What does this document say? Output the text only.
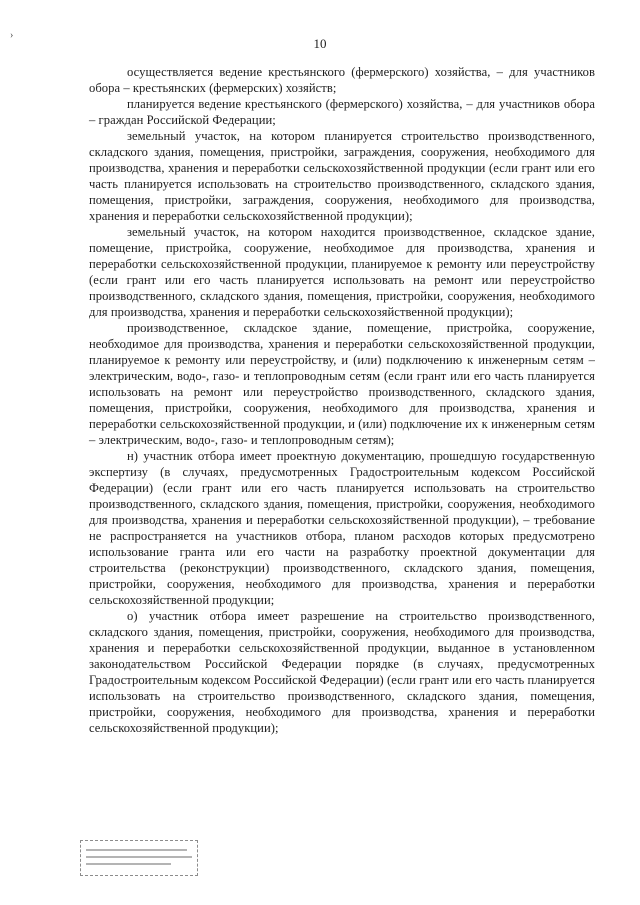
›
10

осуществляется ведение крестьянского (фермерского) хозяйства, – для участников обора – крестьянских (фермерских) хозяйств;

планируется ведение крестьянского (фермерского) хозяйства, – для участников обора – граждан Российской Федерации;

земельный участок, на котором планируется строительство производственного, складского здания, помещения, пристройки, заграждения, сооружения, необходимого для производства, хранения и переработки сельскохозяйственной продукции (если грант или его часть планируется использовать на строительство производственного, складского здания, помещения, пристройки, заграждения, сооружения, необходимого для производства, хранения и переработки сельскохозяйственной продукции);

земельный участок, на котором находится производственное, складское здание, помещение, пристройка, сооружение, необходимое для производства, хранения и переработки сельскохозяйственной продукции, планируемое к ремонту или переустройству (если грант или его часть планируется использовать на ремонт или переустройство производственного, складского здания, помещения, пристройки, сооружения, необходимого для производства, хранения и переработки сельскохозяйственной продукции);

производственное, складское здание, помещение, пристройка, сооружение, необходимое для производства, хранения и переработки сельскохозяйственной продукции, планируемое к ремонту или переустройству, и (или) подключению к инженерным сетям – электрическим, водо-, газо- и теплопроводным сетям (если грант или его часть планируется использовать на ремонт или переустройство производственного, складского здания, помещения, пристройки, сооружения, необходимого для производства, хранения и переработки сельскохозяйственной продукции, и (или) подключение их к инженерным сетям – электрическим, водо-, газо- и теплопроводным сетям);

н) участник отбора имеет проектную документацию, прошедшую государственную экспертизу (в случаях, предусмотренных Градостроительным кодексом Российской Федерации) (если грант или его часть планируется использовать на строительство производственного, складского здания, помещения, пристройки, сооружения, необходимого для производства, хранения и переработки сельскохозяйственной продукции), – требование не распространяется на участников отбора, планом расходов которых предусмотрено использование гранта или его части на разработку проектной документации для строительства (реконструкции) производственного, складского здания, помещения, пристройки, сооружения, необходимого для производства, хранения и переработки сельскохозяйственной продукции;

о) участник отбора имеет разрешение на строительство производственного, складского здания, помещения, пристройки, сооружения, необходимого для производства, хранения и переработки сельскохозяйственной продукции, выданное в установленном законодательством Российской Федерации порядке (в случаях, предусмотренных Градостроительным кодексом Российской Федерации) (если грант или его часть планируется использовать на строительство производственного, складского здания, помещения, пристройки, сооружения, необходимого для производства, хранения и переработки сельскохозяйственной продукции);
